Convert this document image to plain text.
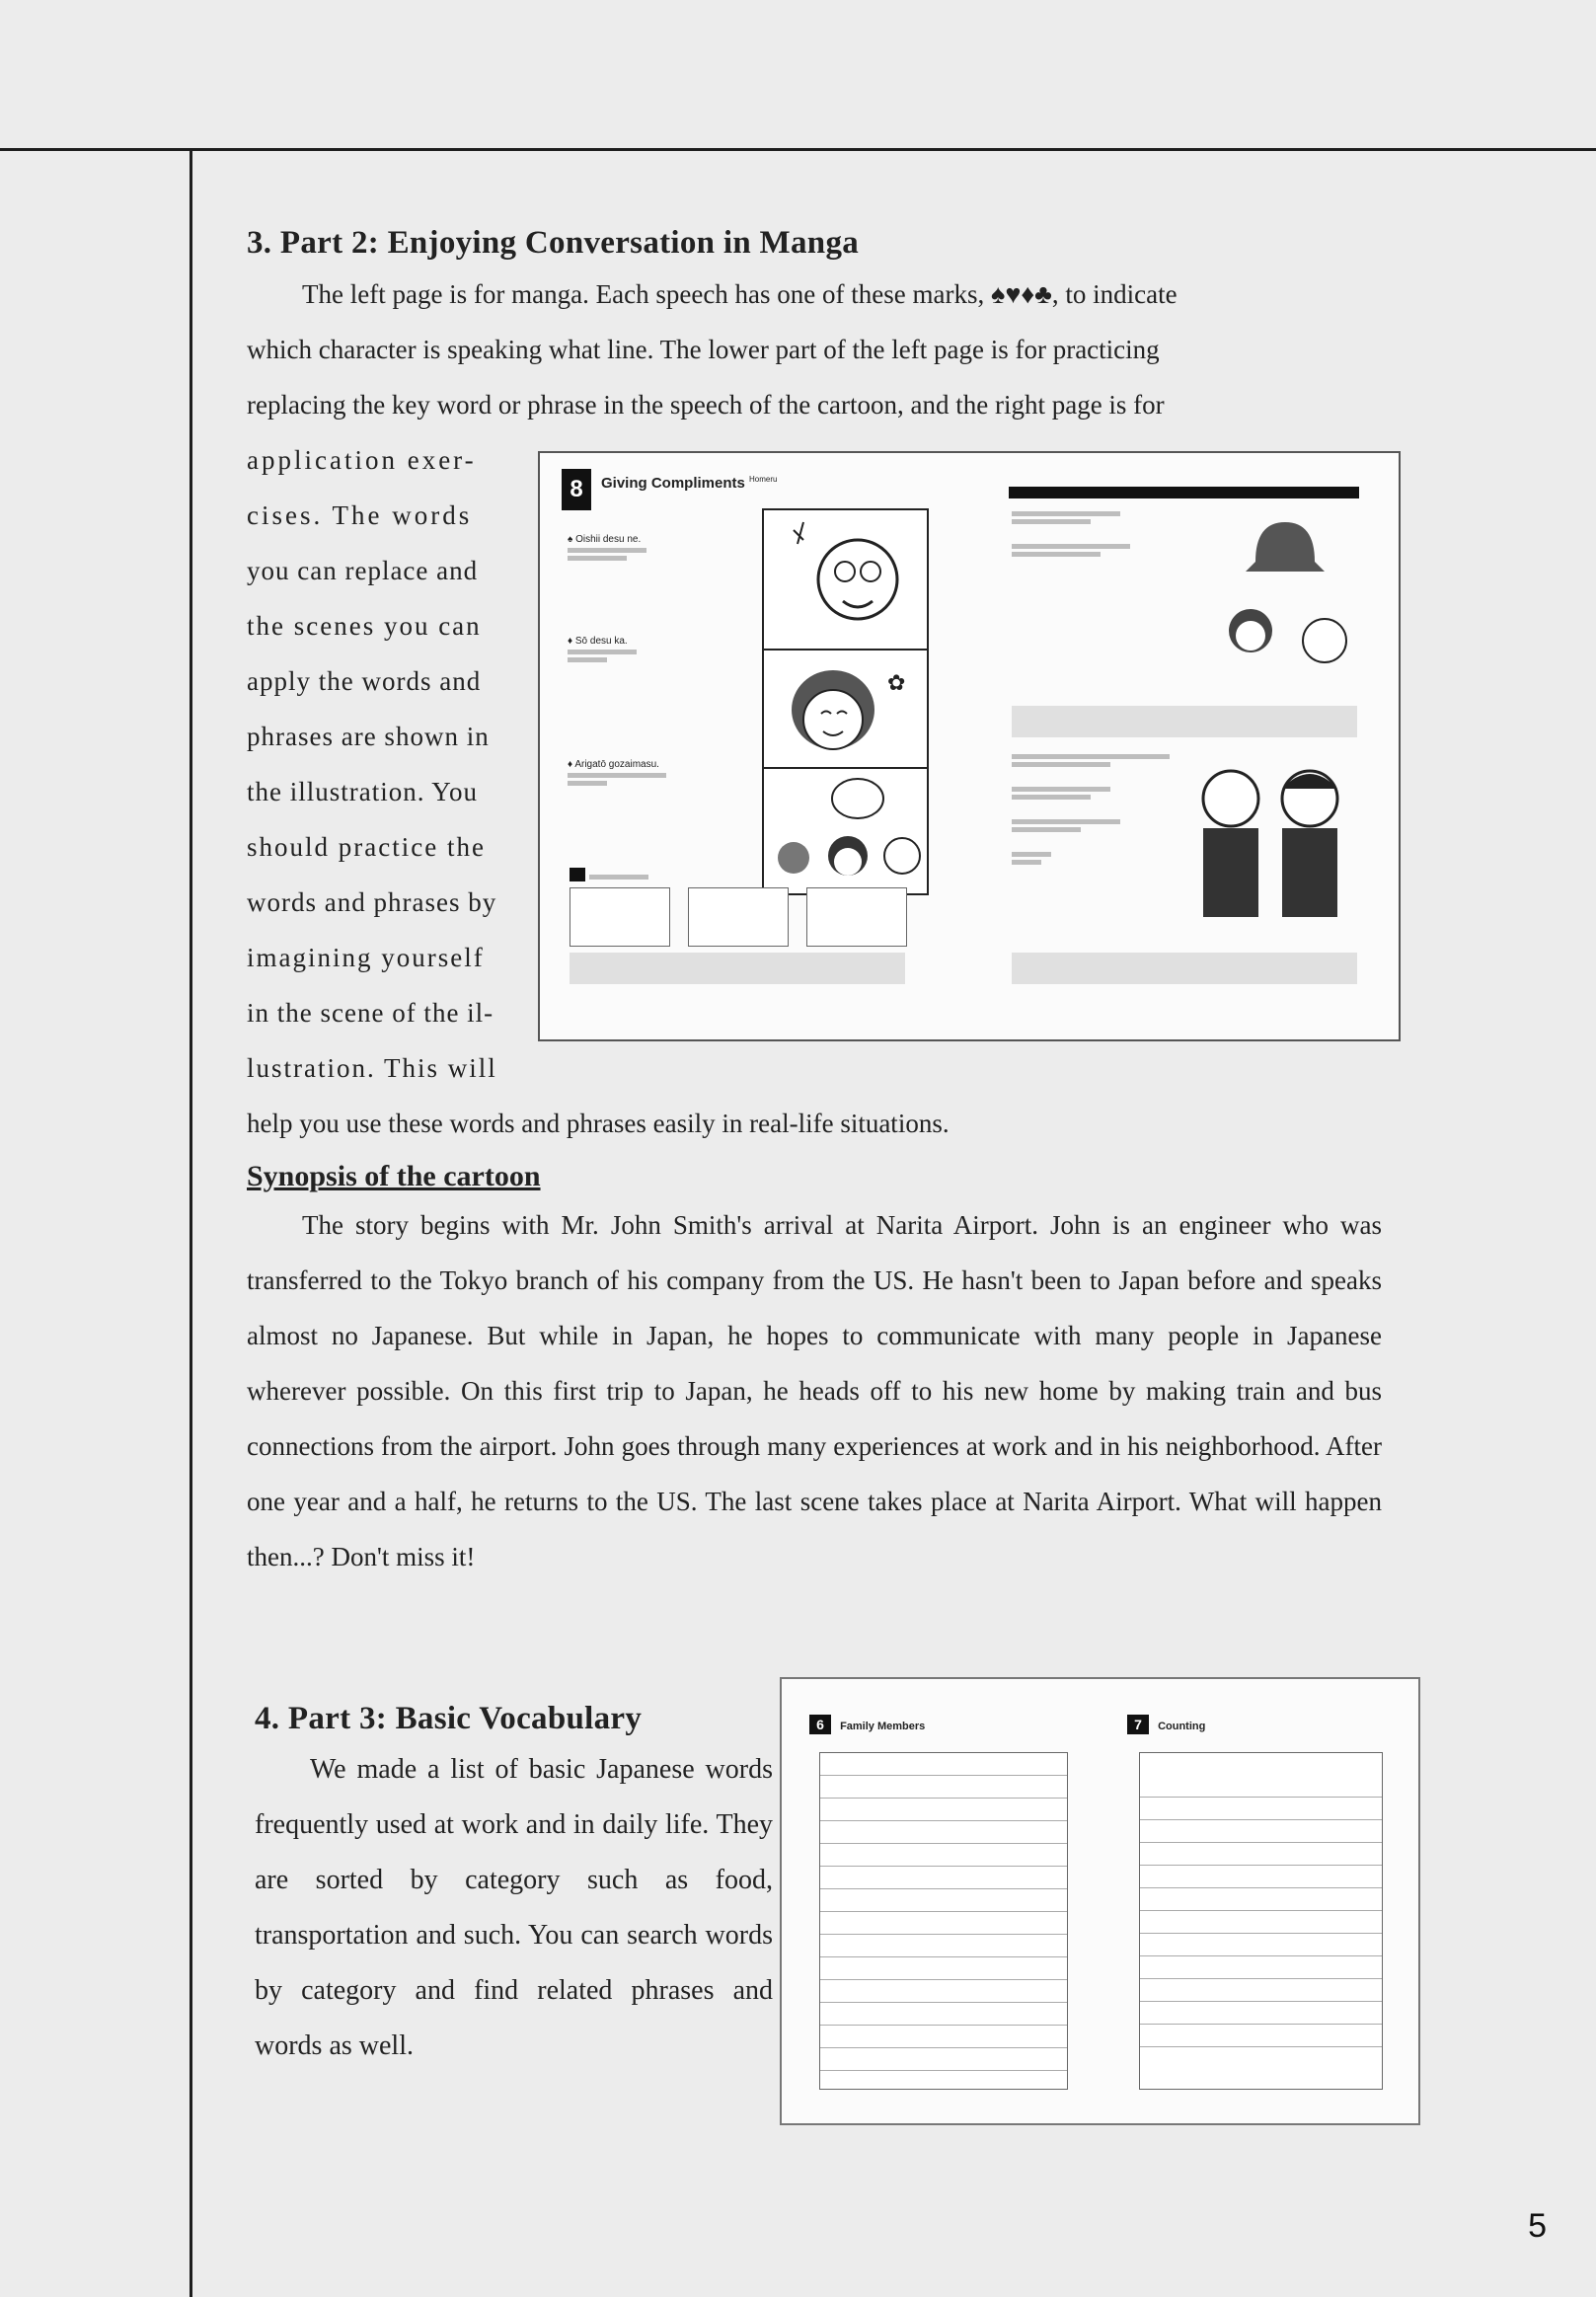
3. Part 2: Enjoying Conversation in Manga

The left page is for manga. Each speech has one of these marks, ♠♥♦♣, to indicate

which character is speaking what line. The lower part of the left page is for practicing

replacing the key word or phrase in the speech of the cartoon, and the right page is for

application exer-

cises. The words

you can replace and

the scenes you can

apply the words and

phrases are shown in

the illustration. You

should practice the

words and phrases by

imagining yourself

in the scene of the il-

lustration. This will

help you use these words and phrases easily in real-life situations.

Synopsis of the cartoon

The story begins with Mr. John Smith's arrival at Narita Airport. John is an engineer who was transferred to the Tokyo branch of his company from the US. He hasn't been to Japan before and speaks almost no Japanese. But while in Japan, he hopes to communicate with many people in Japanese wherever possible. On this first trip to Japan, he heads off to his new home by making train and bus connections from the airport. John goes through many experiences at work and in his neighborhood. After one year and a half, he returns to the US. The last scene takes place at Narita Airport. What will happen then...? Don't miss it!

8	Giving Compliments $^{Homeru}$
♠ Oishii desu ne.
♦ Sō desu ka.
♦ Arigatō gozaimasu.
✿
4. Part 3: Basic Vocabulary

We made a list of basic Japanese words frequently used at work and in daily life. They are sorted by category such as food, transportation and such. You can search words by category and find related phrases and words as well.

6 Family Members	7 Counting
5
